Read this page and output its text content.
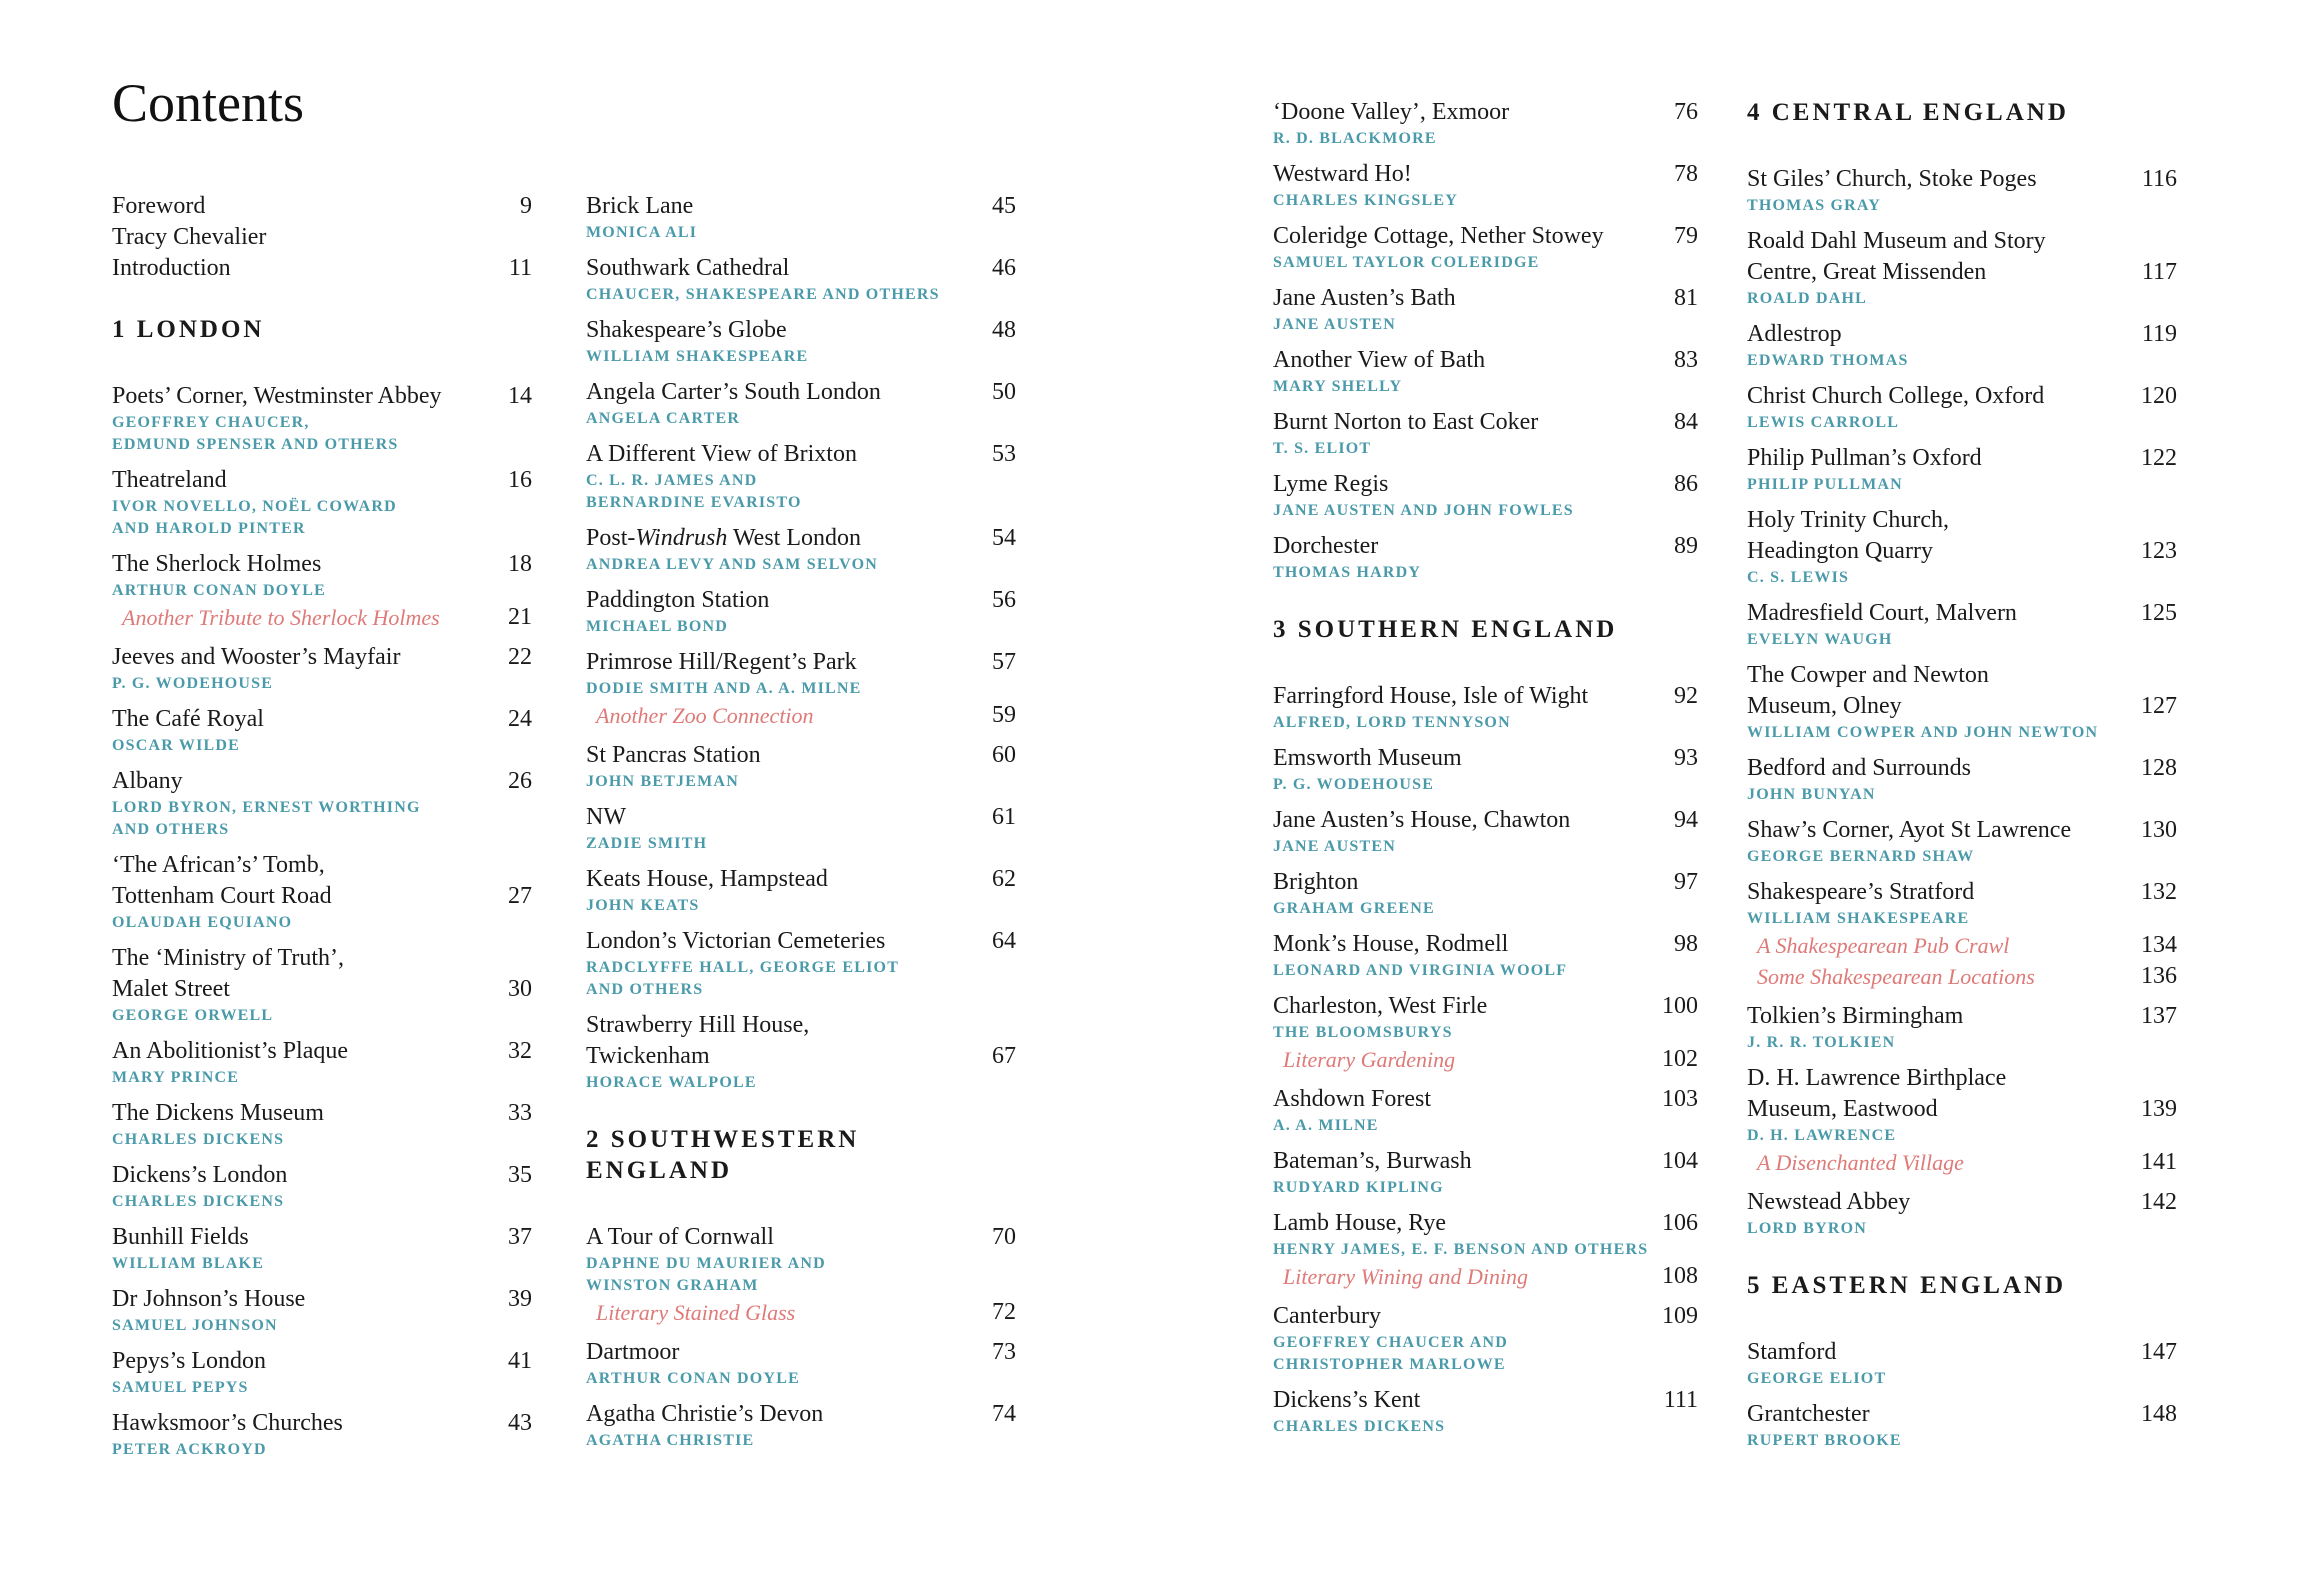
Contents
Foreword	9
Tracy Chevalier
Introduction	11
1 LONDON
Poets’ Corner, Westminster Abbey	14
GEOFFREY CHAUCER,
EDMUND SPENSER AND OTHERS
Theatreland	16
IVOR NOVELLO, NOËL COWARD
AND HAROLD PINTER
The Sherlock Holmes	18
ARTHUR CONAN DOYLE
Another Tribute to Sherlock Holmes	21
Jeeves and Wooster’s Mayfair	22
P. G. WODEHOUSE
The Café Royal	24
OSCAR WILDE
Albany	26
LORD BYRON, ERNEST WORTHING
AND OTHERS
‘The African’s’ Tomb,
Tottenham Court Road	27
OLAUDAH EQUIANO
The ‘Ministry of Truth’,
Malet Street	30
GEORGE ORWELL
An Abolitionist’s Plaque	32
MARY PRINCE
The Dickens Museum	33
CHARLES DICKENS
Dickens’s London	35
CHARLES DICKENS
Bunhill Fields	37
WILLIAM BLAKE
Dr Johnson’s House	39
SAMUEL JOHNSON
Pepys’s London	41
SAMUEL PEPYS
Hawksmoor’s Churches	43
PETER ACKROYD
Brick Lane	45
MONICA ALI
Southwark Cathedral	46
CHAUCER, SHAKESPEARE AND OTHERS
Shakespeare’s Globe	48
WILLIAM SHAKESPEARE
Angela Carter’s South London	50
ANGELA CARTER
A Different View of Brixton	53
C. L. R. JAMES AND
BERNARDINE EVARISTO
Post-Windrush West London	54
ANDREA LEVY AND SAM SELVON
Paddington Station	56
MICHAEL BOND
Primrose Hill/Regent’s Park	57
DODIE SMITH AND A. A. MILNE
Another Zoo Connection	59
St Pancras Station	60
JOHN BETJEMAN
NW	61
ZADIE SMITH
Keats House, Hampstead	62
JOHN KEATS
London’s Victorian Cemeteries	64
RADCLYFFE HALL, GEORGE ELIOT
AND OTHERS
Strawberry Hill House,
Twickenham	67
HORACE WALPOLE
2 SOUTHWESTERN
ENGLAND
A Tour of Cornwall	70
DAPHNE DU MAURIER AND
WINSTON GRAHAM
Literary Stained Glass	72
Dartmoor	73
ARTHUR CONAN DOYLE
Agatha Christie’s Devon	74
AGATHA CHRISTIE
‘Doone Valley’, Exmoor	76
R. D. BLACKMORE
Westward Ho!	78
CHARLES KINGSLEY
Coleridge Cottage, Nether Stowey	79
SAMUEL TAYLOR COLERIDGE
Jane Austen’s Bath	81
JANE AUSTEN
Another View of Bath	83
MARY SHELLY
Burnt Norton to East Coker	84
T. S. ELIOT
Lyme Regis	86
JANE AUSTEN AND JOHN FOWLES
Dorchester	89
THOMAS HARDY
3 SOUTHERN ENGLAND
Farringford House, Isle of Wight	92
ALFRED, LORD TENNYSON
Emsworth Museum	93
P. G. WODEHOUSE
Jane Austen’s House, Chawton	94
JANE AUSTEN
Brighton	97
GRAHAM GREENE
Monk’s House, Rodmell	98
LEONARD AND VIRGINIA WOOLF
Charleston, West Firle	100
THE BLOOMSBURYS
Literary Gardening	102
Ashdown Forest	103
A. A. MILNE
Bateman’s, Burwash	104
RUDYARD KIPLING
Lamb House, Rye	106
HENRY JAMES, E. F. BENSON AND OTHERS
Literary Wining and Dining	108
Canterbury	109
GEOFFREY CHAUCER AND
CHRISTOPHER MARLOWE
Dickens’s Kent	111
CHARLES DICKENS
4 CENTRAL ENGLAND
St Giles’ Church, Stoke Poges	116
THOMAS GRAY
Roald Dahl Museum and Story
Centre, Great Missenden	117
ROALD DAHL
Adlestrop	119
EDWARD THOMAS
Christ Church College, Oxford	120
LEWIS CARROLL
Philip Pullman’s Oxford	122
PHILIP PULLMAN
Holy Trinity Church,
Headington Quarry	123
C. S. LEWIS
Madresfield Court, Malvern	125
EVELYN WAUGH
The Cowper and Newton
Museum, Olney	127
WILLIAM COWPER AND JOHN NEWTON
Bedford and Surrounds	128
JOHN BUNYAN
Shaw’s Corner, Ayot St Lawrence	130
GEORGE BERNARD SHAW
Shakespeare’s Stratford	132
WILLIAM SHAKESPEARE
A Shakespearean Pub Crawl	134
Some Shakespearean Locations	136
Tolkien’s Birmingham	137
J. R. R. TOLKIEN
D. H. Lawrence Birthplace
Museum, Eastwood	139
D. H. LAWRENCE
A Disenchanted Village	141
Newstead Abbey	142
LORD BYRON
5 EASTERN ENGLAND
Stamford	147
GEORGE ELIOT
Grantchester	148
RUPERT BROOKE
